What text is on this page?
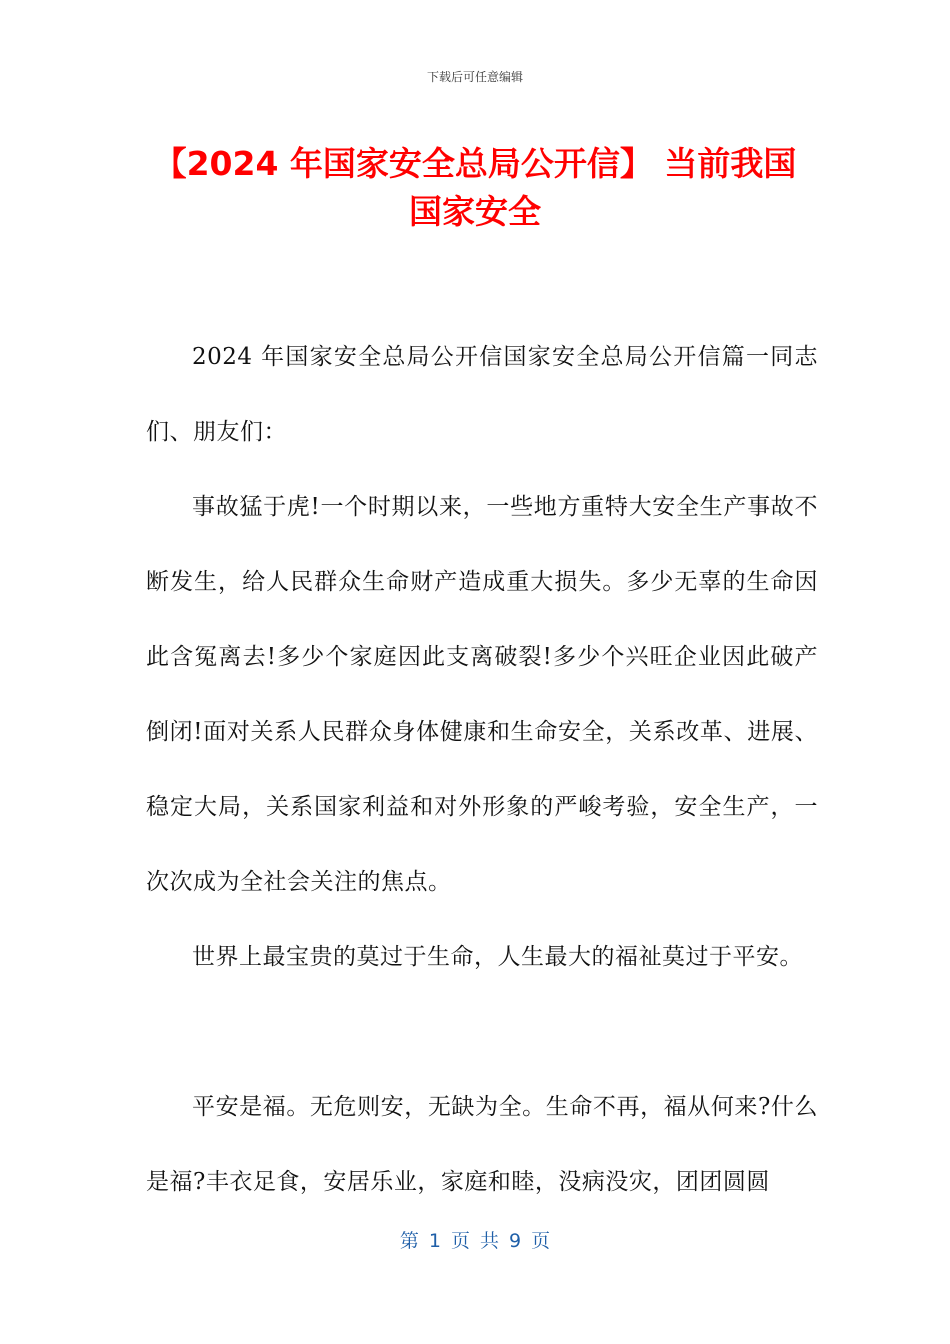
下载后可任意编辑
【2024 年国家安全总局公开信】 当前我国
国家安全

2024 年国家安全总局公开信国家安全总局公开信篇一同志们、朋友们：

事故猛于虎!一个时期以来，一些地方重特大安全生产事故不断发生，给人民群众生命财产造成重大损失。多少无辜的生命因此含冤离去!多少个家庭因此支离破裂!多少个兴旺企业因此破产倒闭!面对关系人民群众身体健康和生命安全，关系改革、进展、稳定大局，关系国家利益和对外形象的严峻考验，安全生产，一次次成为全社会关注的焦点。

世界上最宝贵的莫过于生命，人生最大的福祉莫过于平安。

平安是福。无危则安，无缺为全。生命不再，福从何来?什么是福?丰衣足食，安居乐业，家庭和睦，没病没灾，团团圆圆

第 1 页 共 9 页
